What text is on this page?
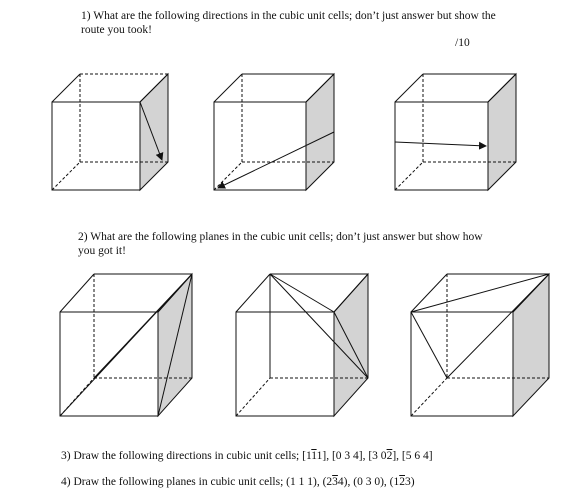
1) What are the following directions in the cubic unit cells; don’t just answer but show the route you took!

/10

2) What are the following planes in the cubic unit cells; don’t just answer but show how you got it!

3) Draw the following directions in cubic unit cells; [111], [0 3 4], [3 02], [5 6 4]

4) Draw the following planes in cubic unit cells; (1 1 1), (234), (0 3 0), (123)
